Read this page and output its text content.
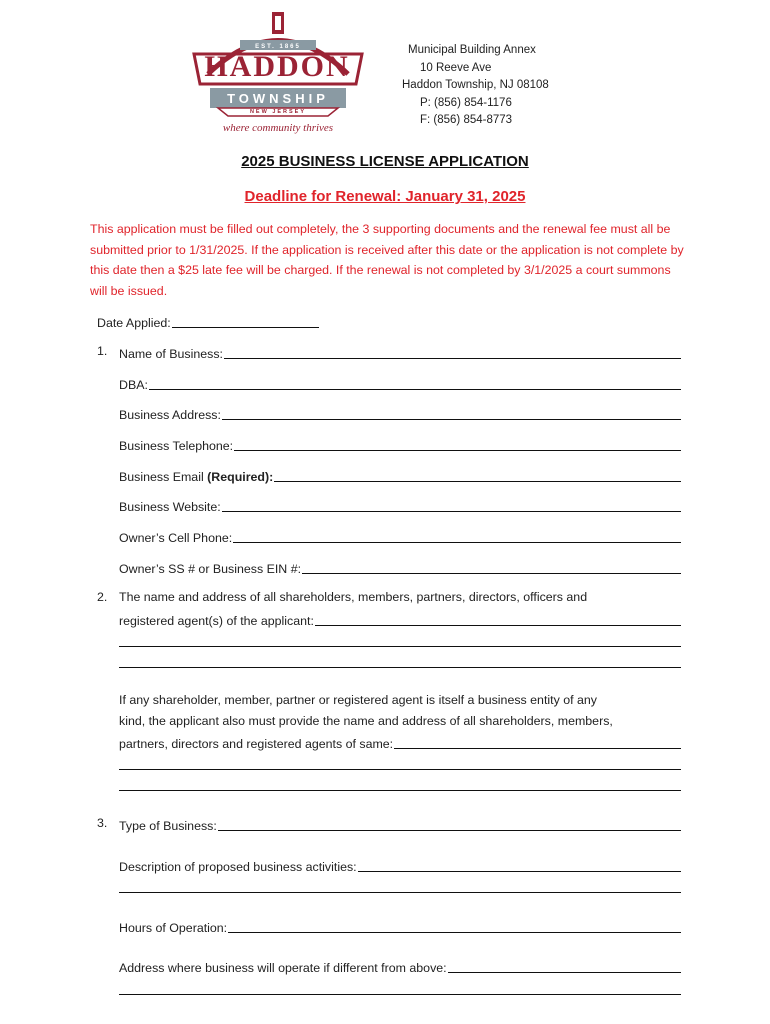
EST. 1865
HADDON
TOWNSHIP
NEW JERSEY
where community thrives
Municipal Building Annex
10 Reeve Ave
Haddon Township, NJ 08108
P: (856) 854-1176
F: (856) 854-8773
2025 BUSINESS LICENSE APPLICATION
Deadline for Renewal: January 31, 2025
This application must be filled out completely, the 3 supporting documents and the renewal fee must all be submitted prior to 1/31/2025. If the application is received after this date or the application is not complete by this date then a $25 late fee will be charged. If the renewal is not completed by 3/1/2025 a court summons will be issued.
Date Applied:
1. Name of Business:
DBA:
Business Address:
Business Telephone:
Business Email (Required):
Business Website:
Owner’s Cell Phone:
Owner’s SS # or Business EIN #:
2. The name and address of all shareholders, members, partners, directors, officers and
registered agent(s) of the applicant:
If any shareholder, member, partner or registered agent is itself a business entity of any
kind, the applicant also must provide the name and address of all shareholders, members,
partners, directors and registered agents of same:
3. Type of Business:
Description of proposed business activities:
Hours of Operation:
Address where business will operate if different from above:
